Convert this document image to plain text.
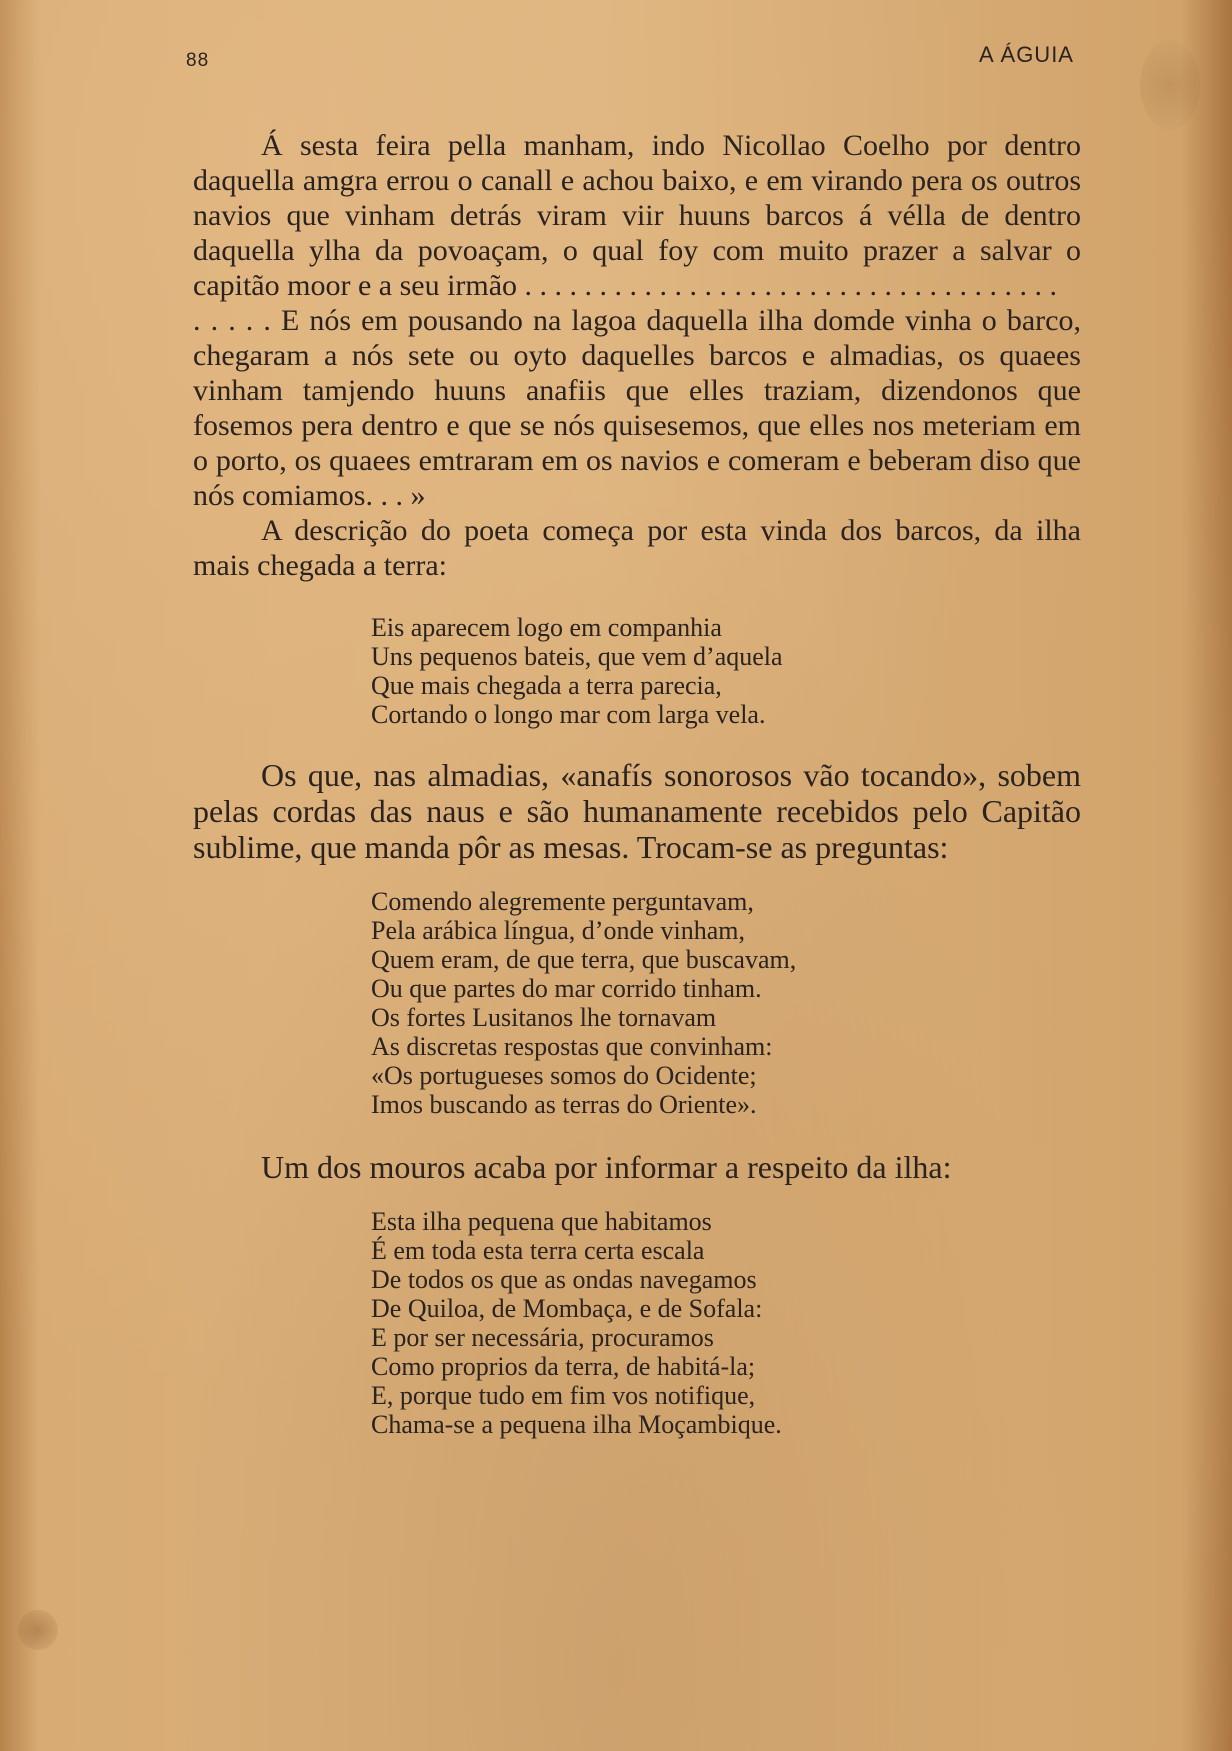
88	A ÁGUIA

Á sesta feira pella manham, indo Nicollao Coelho por dentro daquella amgra errou o canall e achou baixo, e em virando pera os outros navios que vinham detrás viram viir huuns barcos á vélla de dentro daquella ylha da povoaçam, o qual foy com muito prazer a salvar o capitão moor e a seu irmão . . . . . . . . . . . . . . . . . . . . . . . . . . . . . . . . . . . .

. . . . . E nós em pousando na lagoa daquella ilha domde vinha o barco, chegaram a nós sete ou oyto daquelles barcos e almadias, os quaees vinham tamjendo huuns anafiis que elles traziam, dizendonos que fosemos pera dentro e que se nós quisesemos, que elles nos meteriam em o porto, os quaees emtraram em os navios e comeram e beberam diso que nós comiamos. . . »

A descrição do poeta começa por esta vinda dos barcos, da ilha mais chegada a terra:

Eis aparecem logo em companhia
Uns pequenos bateis, que vem d’aquela
Que mais chegada a terra parecia,
Cortando o longo mar com larga vela.

Os que, nas almadias, «anafís sonorosos vão tocando», sobem pelas cordas das naus e são humanamente recebidos pelo Capitão sublime, que manda pôr as mesas. Trocam-se as preguntas:

Comendo alegremente perguntavam,
Pela arábica língua, d’onde vinham,
Quem eram, de que terra, que buscavam,
Ou que partes do mar corrido tinham.
Os fortes Lusitanos lhe tornavam
As discretas respostas que convinham:
«Os portugueses somos do Ocidente;
Imos buscando as terras do Oriente».

Um dos mouros acaba por informar a respeito da ilha:

Esta ilha pequena que habitamos
É em toda esta terra certa escala
De todos os que as ondas navegamos
De Quiloa, de Mombaça, e de Sofala:
E por ser necessária, procuramos
Como proprios da terra, de habitá-la;
E, porque tudo em fim vos notifique,
Chama-se a pequena ilha Moçambique.
